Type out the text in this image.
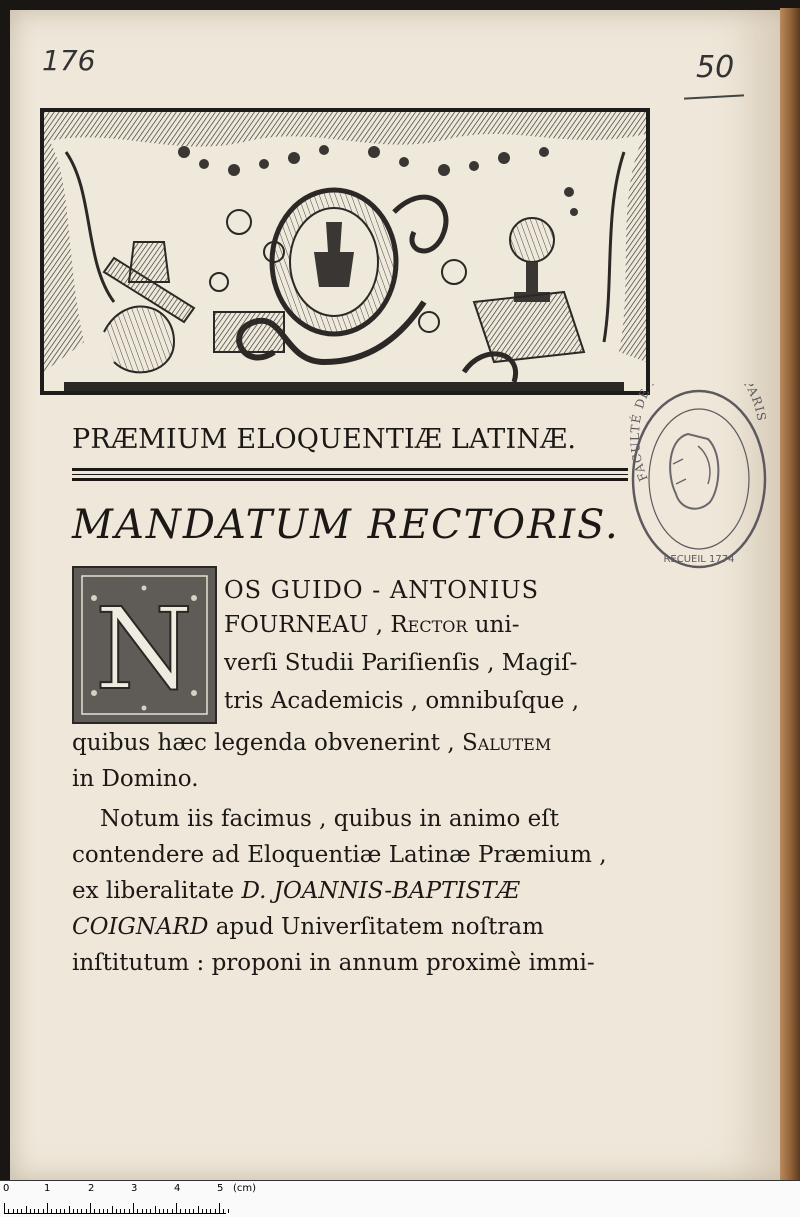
176	50
FACULTÉ DE ARIS
RECUEIL 1774
PRÆMIUM ELOQUENTIÆ LATINÆ.
MANDATUM RECTORIS.
N OS GUIDO - ANTONIUS
FOURNEAU , Rector uni-
verſi Studii Pariſienſis , Magiſ-
tris Academicis , omnibuſque ,
quibus hæc legenda obvenerint , Salutem
in Domino.
Notum iis facimus , quibus in animo eſt
contendere ad Eloquentiæ Latinæ Præmium ,
ex liberalitate D. JOANNIS-BAPTISTÆ
COIGNARD apud Univerſitatem noſtram
inſtitutum : proponi in annum proximè immi-
0	1	2	3	4	5 (cm)
